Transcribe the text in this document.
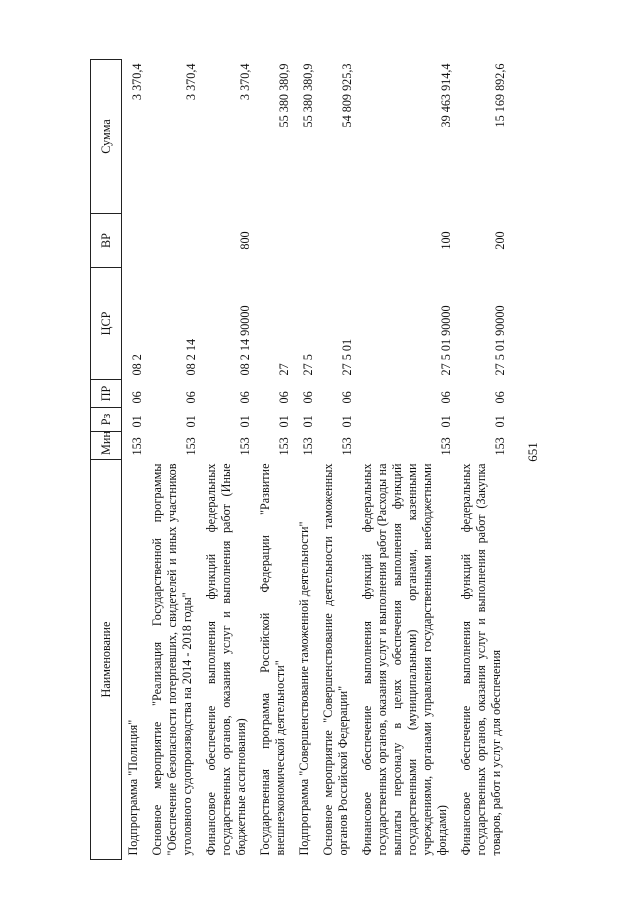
651
Наименование	Мин	Рз	ПР	ЦСР	ВР	Сумма
Подпрограмма "Полиция"	153	01	06	08 2		3 370,4
Основное мероприятие "Реализация Государственной программы "Обеспечение безопасности потерпевших, свидетелей и иных участников уголовного судопроизводства на 2014 - 2018 годы"	153	01	06	08 2 14		3 370,4
Финансовое обеспечение выполнения функций федеральных государственных органов, оказания услуг и выполнения работ (Иные бюджетные ассигнования)	153	01	06	08 2 14 90000	800	3 370,4
Государственная программа Российской Федерации "Развитие внешнеэкономической деятельности"	153	01	06	27		55 380 380,9
Подпрограмма "Совершенствование таможенной деятельности"	153	01	06	27 5		55 380 380,9
Основное мероприятие "Совершенствование деятельности таможенных органов Российской Федерации"	153	01	06	27 5 01		54 809 925,3
Финансовое обеспечение выполнения функций федеральных государственных органов, оказания услуг и выполнения работ (Расходы на выплаты персоналу в целях обеспечения выполнения функций государственными (муниципальными) органами, казенными учреждениями, органами управления государственными внебюджетными фондами)	153	01	06	27 5 01 90000	100	39 463 914,4
Финансовое обеспечение выполнения функций федеральных государственных органов, оказания услуг и выполнения работ (Закупка товаров, работ и услуг для обеспечения	153	01	06	27 5 01 90000	200	15 169 892,6
